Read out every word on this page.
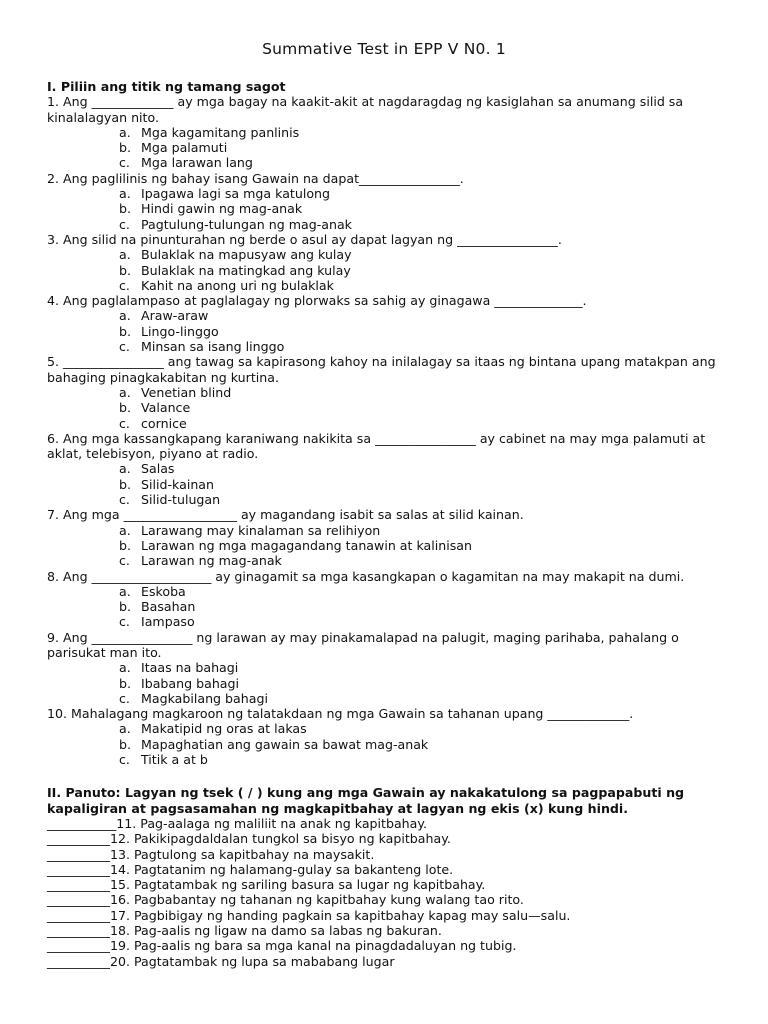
Summative Test in EPP V N0. 1
I. Piliin ang titik ng tamang sagot
1. Ang _____________ ay mga bagay na kaakit-akit at nagdaragdag ng kasiglahan sa anumang silid sa kinalalagyan nito.
a. Mga kagamitang panlinis
b. Mga palamuti
c. Mga larawan lang
2. Ang paglilinis ng bahay isang Gawain na dapat________________.
a. Ipagawa lagi sa mga katulong
b. Hindi gawin ng mag-anak
c. Pagtulung-tulungan ng mag-anak
3. Ang silid na pinunturahan ng berde o asul ay dapat lagyan ng ________________.
a. Bulaklak na mapusyaw ang kulay
b. Bulaklak na matingkad ang kulay
c. Kahit na anong uri ng bulaklak
4. Ang paglalampaso at paglalagay ng plorwaks sa sahig ay ginagawa ______________.
a. Araw-araw
b. Lingo-linggo
c. Minsan sa isang linggo
5. ________________ ang tawag sa kapirasong kahoy na inilalagay sa itaas ng bintana upang matakpan ang bahaging pinagkakabitan ng kurtina.
a. Venetian blind
b. Valance
c. cornice
6. Ang mga kassangkapang karaniwang nakikita sa ________________ ay cabinet na may mga palamuti at aklat, telebisyon, piyano at radio.
a. Salas
b. Silid-kainan
c. Silid-tulugan
7. Ang mga __________________ ay magandang isabit sa salas at silid kainan.
a. Larawang may kinalaman sa relihiyon
b. Larawan ng mga magagandang tanawin at kalinisan
c. Larawan ng mag-anak
8. Ang ___________________ ay ginagamit sa mga kasangkapan o kagamitan na may makapit na dumi.
a. Eskoba
b. Basahan
c. Iampaso
9. Ang ________________ ng larawan ay may pinakamalapad na palugit, maging parihaba, pahalang o parisukat man ito.
a. Itaas na bahagi
b. Ibabang bahagi
c. Magkabilang bahagi
10. Mahalagang magkaroon ng talatakdaan ng mga Gawain sa tahanan upang _____________.
a. Makatipid ng oras at lakas
b. Mapaghatian ang gawain sa bawat mag-anak
c. Titik a at b
II. Panuto: Lagyan ng tsek ( / ) kung ang mga Gawain ay nakakatulong sa pagpapabuti ng kapaligiran at pagsasamahan ng magkapitbahay at lagyan ng ekis (x) kung hindi.
___________11. Pag-aalaga ng maliliit na anak ng kapitbahay.
__________12. Pakikipagdaldalan tungkol sa bisyo ng kapitbahay.
__________13. Pagtulong sa kapitbahay na maysakit.
__________14. Pagtatanim ng halamang-gulay sa bakanteng lote.
__________15. Pagtatambak ng sariling basura sa lugar ng kapitbahay.
__________16. Pagbabantay ng tahanan ng kapitbahay kung walang tao rito.
__________17. Pagbibigay ng handing pagkain sa kapitbahay kapag may salu—salu.
__________18. Pag-aalis ng ligaw na damo sa labas ng bakuran.
__________19. Pag-aalis ng bara sa mga kanal na pinagdadaluyan ng tubig.
__________20. Pagtatambak ng lupa sa mababang lugar
